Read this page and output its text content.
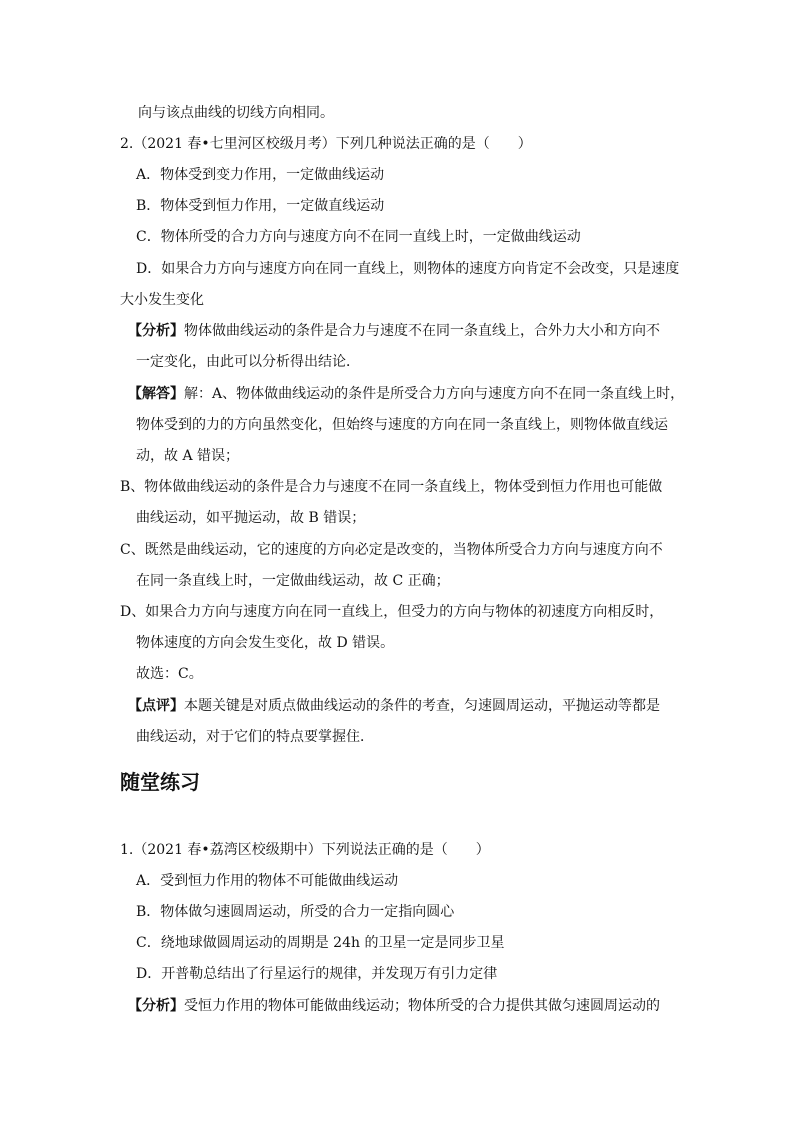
向与该点曲线的切线方向相同。
2.（2021 春•七里河区校级月考）下列几种说法正确的是（　　）
A．物体受到变力作用，一定做曲线运动
B．物体受到恒力作用，一定做直线运动
C．物体所受的合力方向与速度方向不在同一直线上时，一定做曲线运动
D．如果合力方向与速度方向在同一直线上，则物体的速度方向肯定不会改变，只是速度
大小发生变化
【分析】物体做曲线运动的条件是合力与速度不在同一条直线上，合外力大小和方向不
一定变化，由此可以分析得出结论．
【解答】解：A、物体做曲线运动的条件是所受合力方向与速度方向不在同一条直线上时，
物体受到的力的方向虽然变化，但始终与速度的方向在同一条直线上，则物体做直线运
动，故 A 错误；
B、物体做曲线运动的条件是合力与速度不在同一条直线上，物体受到恒力作用也可能做
曲线运动，如平抛运动，故 B 错误；
C、既然是曲线运动，它的速度的方向必定是改变的，当物体所受合力方向与速度方向不
在同一条直线上时，一定做曲线运动，故 C 正确；
D、如果合力方向与速度方向在同一直线上，但受力的方向与物体的初速度方向相反时，
物体速度的方向会发生变化，故 D 错误。
故选：C。
【点评】本题关键是对质点做曲线运动的条件的考查，匀速圆周运动，平抛运动等都是
曲线运动，对于它们的特点要掌握住．
随堂练习
1.（2021 春•荔湾区校级期中）下列说法正确的是（　　）
A．受到恒力作用的物体不可能做曲线运动
B．物体做匀速圆周运动，所受的合力一定指向圆心
C．绕地球做圆周运动的周期是 24h 的卫星一定是同步卫星
D．开普勒总结出了行星运行的规律，并发现万有引力定律
【分析】受恒力作用的物体可能做曲线运动；物体所受的合力提供其做匀速圆周运动的
